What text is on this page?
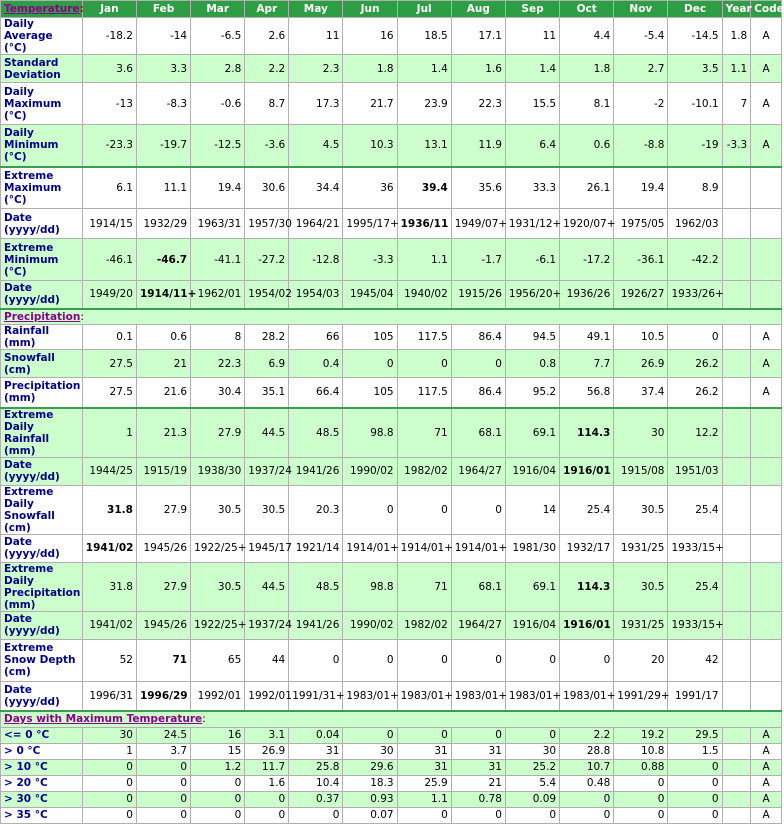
Temperature:	Jan	Feb	Mar	Apr	May	Jun	Jul	Aug	Sep	Oct	Nov	Dec	Year	Code
Daily Average (°C)	-18.2	-14	-6.5	2.6	11	16	18.5	17.1	11	4.4	-5.4	-14.5	1.8	A
Standard Deviation	3.6	3.3	2.8	2.2	2.3	1.8	1.4	1.6	1.4	1.8	2.7	3.5	1.1	A
Daily Maximum (°C)	-13	-8.3	-0.6	8.7	17.3	21.7	23.9	22.3	15.5	8.1	-2	-10.1	7	A
Daily Minimum (°C)	-23.3	-19.7	-12.5	-3.6	4.5	10.3	13.1	11.9	6.4	0.6	-8.8	-19	-3.3	A
Extreme Maximum (°C)	6.1	11.1	19.4	30.6	34.4	36	39.4	35.6	33.3	26.1	19.4	8.9		
Date (yyyy/dd)	1914/15	1932/29	1963/31	1957/30	1964/21	1995/17+	1936/11	1949/07+	1931/12+	1920/07+	1975/05	1962/03		
Extreme Minimum (°C)	-46.1	-46.7	-41.1	-27.2	-12.8	-3.3	1.1	-1.7	-6.1	-17.2	-36.1	-42.2		
Date (yyyy/dd)	1949/20	1914/11+	1962/01	1954/02	1954/03	1945/04	1940/02	1915/26	1956/20+	1936/26	1926/27	1933/26+		
Precipitation:														
Rainfall (mm)	0.1	0.6	8	28.2	66	105	117.5	86.4	94.5	49.1	10.5	0		A
Snowfall (cm)	27.5	21	22.3	6.9	0.4	0	0	0	0.8	7.7	26.9	26.2		A
Precipitation (mm)	27.5	21.6	30.4	35.1	66.4	105	117.5	86.4	95.2	56.8	37.4	26.2		A
Extreme Daily Rainfall (mm)	1	21.3	27.9	44.5	48.5	98.8	71	68.1	69.1	114.3	30	12.2		
Date (yyyy/dd)	1944/25	1915/19	1938/30	1937/24	1941/26	1990/02	1982/02	1964/27	1916/04	1916/01	1915/08	1951/03		
Extreme Daily Snowfall (cm)	31.8	27.9	30.5	30.5	20.3	0	0	0	14	25.4	30.5	25.4		
Date (yyyy/dd)	1941/02	1945/26	1922/25+	1945/17	1921/14	1914/01+	1914/01+	1914/01+	1981/30	1932/17	1931/25	1933/15+		
Extreme Daily Precipitation (mm)	31.8	27.9	30.5	44.5	48.5	98.8	71	68.1	69.1	114.3	30.5	25.4		
Date (yyyy/dd)	1941/02	1945/26	1922/25+	1937/24	1941/26	1990/02	1982/02	1964/27	1916/04	1916/01	1931/25	1933/15+		
Extreme Snow Depth (cm)	52	71	65	44	0	0	0	0	0	0	20	42		
Date (yyyy/dd)	1996/31	1996/29	1992/01	1992/01	1991/31+	1983/01+	1983/01+	1983/01+	1983/01+	1983/01+	1991/29+	1991/17		
Days with Maximum Temperature:														
<= 0 °C	30	24.5	16	3.1	0.04	0	0	0	0	2.2	19.2	29.5		A
> 0 °C	1	3.7	15	26.9	31	30	31	31	30	28.8	10.8	1.5		A
> 10 °C	0	0	1.2	11.7	25.8	29.6	31	31	25.2	10.7	0.88	0		A
> 20 °C	0	0	0	1.6	10.4	18.3	25.9	21	5.4	0.48	0	0		A
> 30 °C	0	0	0	0	0.37	0.93	1.1	0.78	0.09	0	0	0		A
> 35 °C	0	0	0	0	0	0.07	0	0	0	0	0	0		A
